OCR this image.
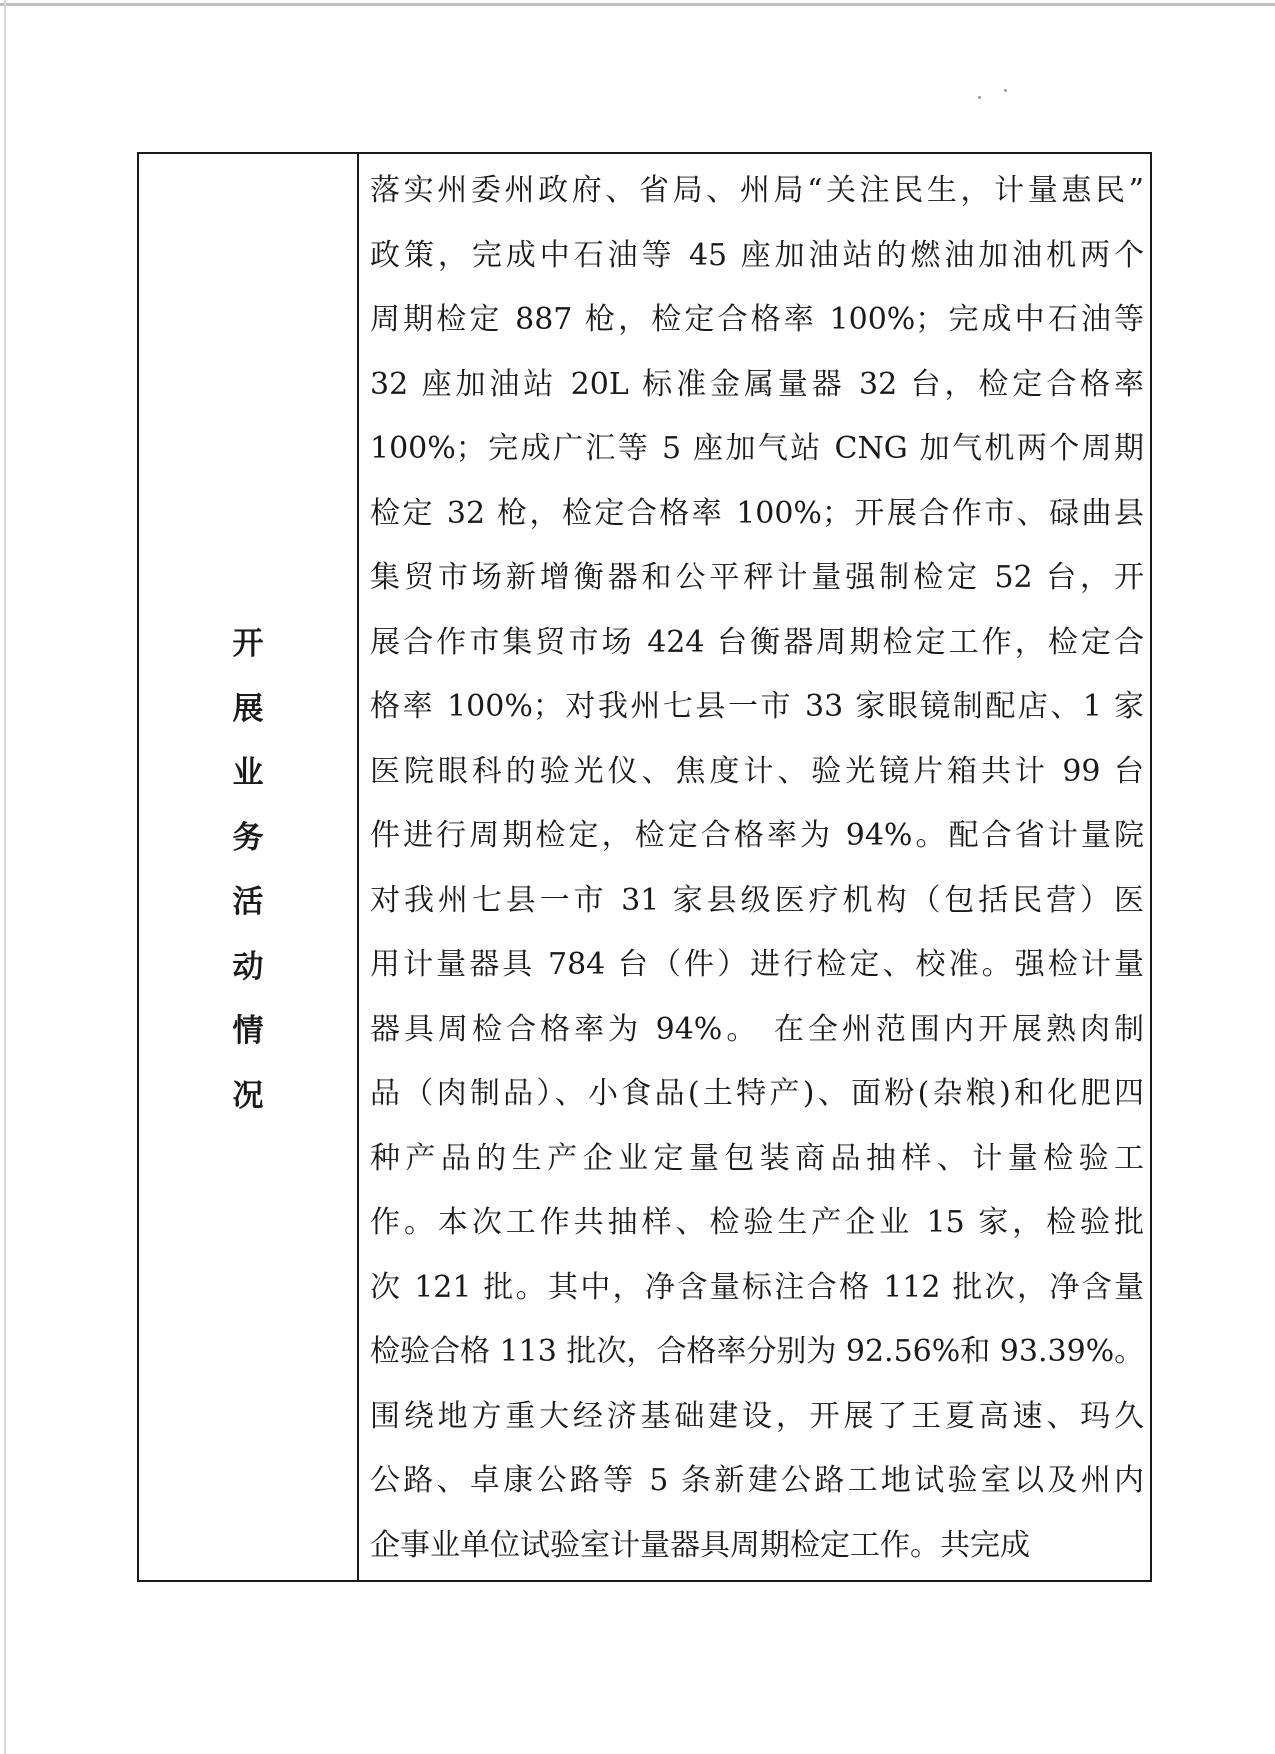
开
展
业
务
活
动
情
况
落实州委州政府、省局、州局“关注民生，计量惠民”
政策，完成中石油等 45 座加油站的燃油加油机两个
周期检定 887 枪，检定合格率 100%；完成中石油等
32 座加油站 20L 标准金属量器 32 台，检定合格率
100%；完成广汇等 5 座加气站 CNG 加气机两个周期
检定 32 枪，检定合格率 100%；开展合作市、碌曲县
集贸市场新增衡器和公平秤计量强制检定 52 台，开
展合作市集贸市场 424 台衡器周期检定工作，检定合
格率 100%；对我州七县一市 33 家眼镜制配店、1 家
医院眼科的验光仪、焦度计、验光镜片箱共计 99 台
件进行周期检定，检定合格率为 94%。配合省计量院
对我州七县一市 31 家县级医疗机构（包括民营）医
用计量器具 784 台（件）进行检定、校准。强检计量
器具周检合格率为 94%。 在全州范围内开展熟肉制
品（肉制品）、小食品(土特产)、面粉(杂粮)和化肥四
种产品的生产企业定量包装商品抽样、计量检验工
作。本次工作共抽样、检验生产企业 15 家，检验批
次 121 批。其中，净含量标注合格 112 批次，净含量
检验合格 113 批次，合格率分别为 92.56%和 93.39%。
围绕地方重大经济基础建设，开展了王夏高速、玛久
公路、卓康公路等 5 条新建公路工地试验室以及州内
企事业单位试验室计量器具周期检定工作。共完成
